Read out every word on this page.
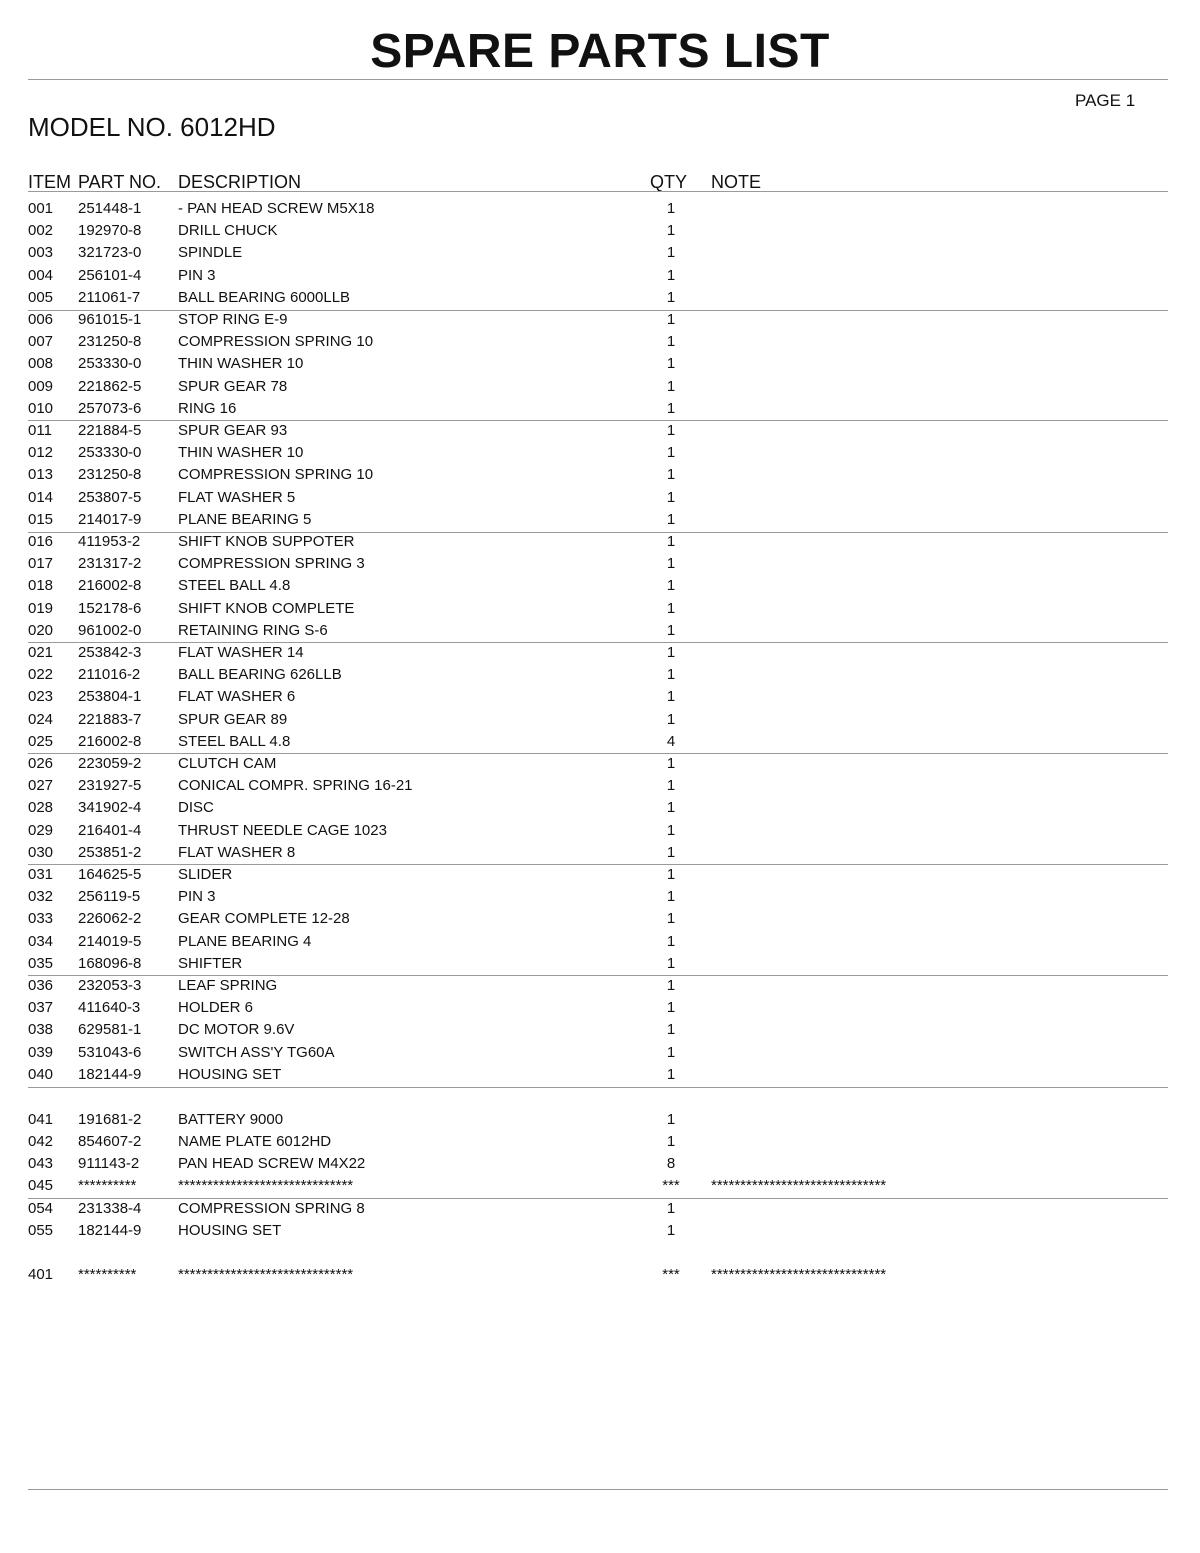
SPARE PARTS LIST
PAGE 1
MODEL NO. 6012HD
ITEM PART NO. DESCRIPTION	QTY NOTE
001 251448-1 - PAN HEAD SCREW M5X18	1
002 192970-8 DRILL CHUCK	1
003 321723-0 SPINDLE	1
004 256101-4 PIN 3	1
005 211061-7	BALL BEARING 6000LLB	1
006 961015-1 STOP RING E-9	1
007 231250-8 COMPRESSION SPRING 10	1
008 253330-0 THIN WASHER 10	1
009 221862-5 SPUR GEAR 78	1
010 257073-6 RING 16	1
011 221884-5 SPUR GEAR 93	1
012 253330-0 THIN WASHER 10	1
013 231250-8 COMPRESSION SPRING 10	1
014 253807-5 FLAT WASHER 5	1
015 214017-9 PLANE BEARING 5	1
016 411953-2	SHIFT KNOB SUPPOTER	1
017 231317-2 COMPRESSION SPRING 3	1
018 216002-8 STEEL BALL 4.8	1
019 152178-6 SHIFT KNOB COMPLETE	1
020 961002-0 RETAINING RING S-6	1
021 253842-3 FLAT WASHER 14	1
022 211016-2	BALL BEARING 626LLB	1
023 253804-1 FLAT WASHER 6	1
024 221883-7 SPUR GEAR 89	1
025 216002-8 STEEL BALL 4.8	4
026 223059-2 CLUTCH CAM	1
027 231927-5 CONICAL COMPR. SPRING 16-21	1
028 341902-4 DISC	1
029 216401-4 THRUST NEEDLE CAGE 1023	1
030 253851-2 FLAT WASHER 8	1
031 164625-5 SLIDER	1
032 256119-5	PIN 3	1
033 226062-2 GEAR COMPLETE 12-28	1
034 214019-5 PLANE BEARING 4	1
035 168096-8 SHIFTER	1
036 232053-3 LEAF SPRING	1
037 411640-3	HOLDER 6	1
038 629581-1 DC MOTOR 9.6V	1
039 531043-6 SWITCH ASS'Y TG60A	1
040 182144-9 HOUSING SET	1
041 191681-2 BATTERY 9000	1
042 854607-2 NAME PLATE 6012HD	1
043 911143-2	PAN HEAD SCREW M4X22	8
045 **********	******************************	***	******************************
054 231338-4 COMPRESSION SPRING 8	1
055 182144-9 HOUSING SET	1
401 **********	******************************	***	******************************
